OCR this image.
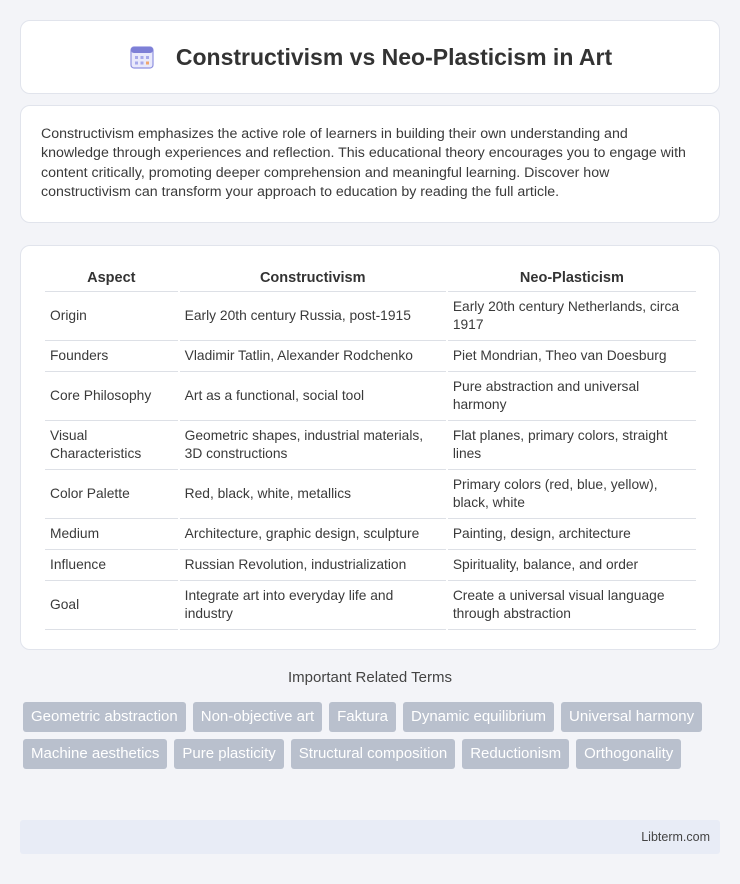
Constructivism vs Neo-Plasticism in Art

Constructivism emphasizes the active role of learners in building their own understanding and knowledge through experiences and reflection. This educational theory encourages you to engage with content critically, promoting deeper comprehension and meaningful learning. Discover how constructivism can transform your approach to education by reading the full article.

Aspect	Constructivism	Neo-Plasticism
Origin	Early 20th century Russia, post-1915	Early 20th century Netherlands, circa 1917
Founders	Vladimir Tatlin, Alexander Rodchenko	Piet Mondrian, Theo van Doesburg
Core Philosophy	Art as a functional, social tool	Pure abstraction and universal harmony
Visual Characteristics	Geometric shapes, industrial materials, 3D constructions	Flat planes, primary colors, straight lines
Color Palette	Red, black, white, metallics	Primary colors (red, blue, yellow), black, white
Medium	Architecture, graphic design, sculpture	Painting, design, architecture
Influence	Russian Revolution, industrialization	Spirituality, balance, and order
Goal	Integrate art into everyday life and industry	Create a universal visual language through abstraction
Important Related Terms
Geometric abstraction	Non-objective art	Faktura	Dynamic equilibrium	Universal harmony
Machine aesthetics	Pure plasticity	Structural composition	Reductionism	Orthogonality
Libterm.com
